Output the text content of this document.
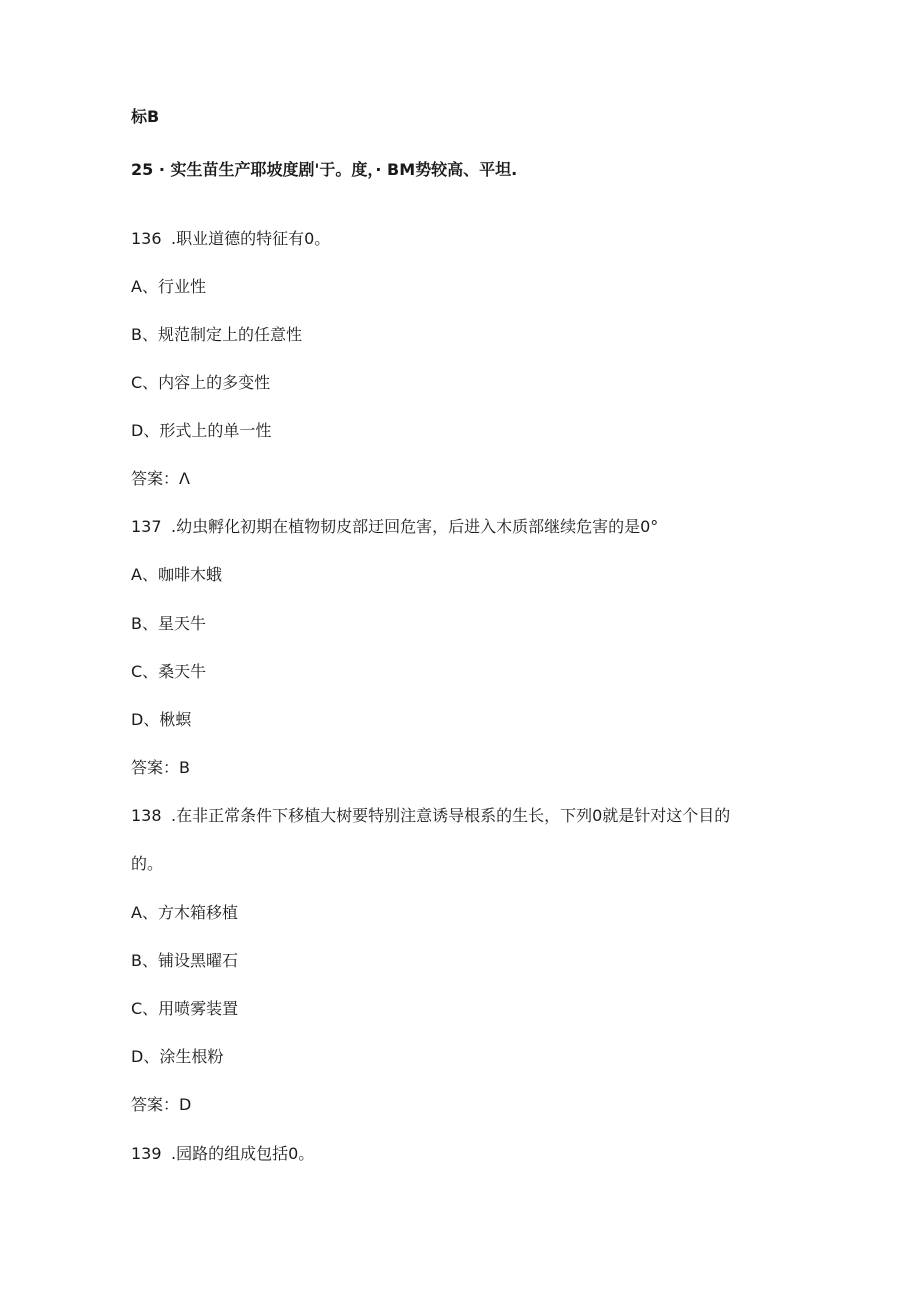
标B
25 · 实生苗生产耶坡度剧'于。度，· BM势较高、平坦.
136 .职业道德的特征有0。
A、行业性
B、规范制定上的任意性
C、内容上的多变性
D、形式上的单一性
答案：Λ
137 .幼虫孵化初期在植物韧皮部迂回危害，后进入木质部继续危害的是0°
A、咖啡木蛾
B、星天牛
C、桑天牛
D、楸螟
答案：B
138 .在非正常条件下移植大树要特别注意诱导根系的生长，下列0就是针对这个目的
的。
A、方木箱移植
B、铺设黑曜石
C、用喷雾装置
D、涂生根粉
答案：D
139 .园路的组成包括0。
